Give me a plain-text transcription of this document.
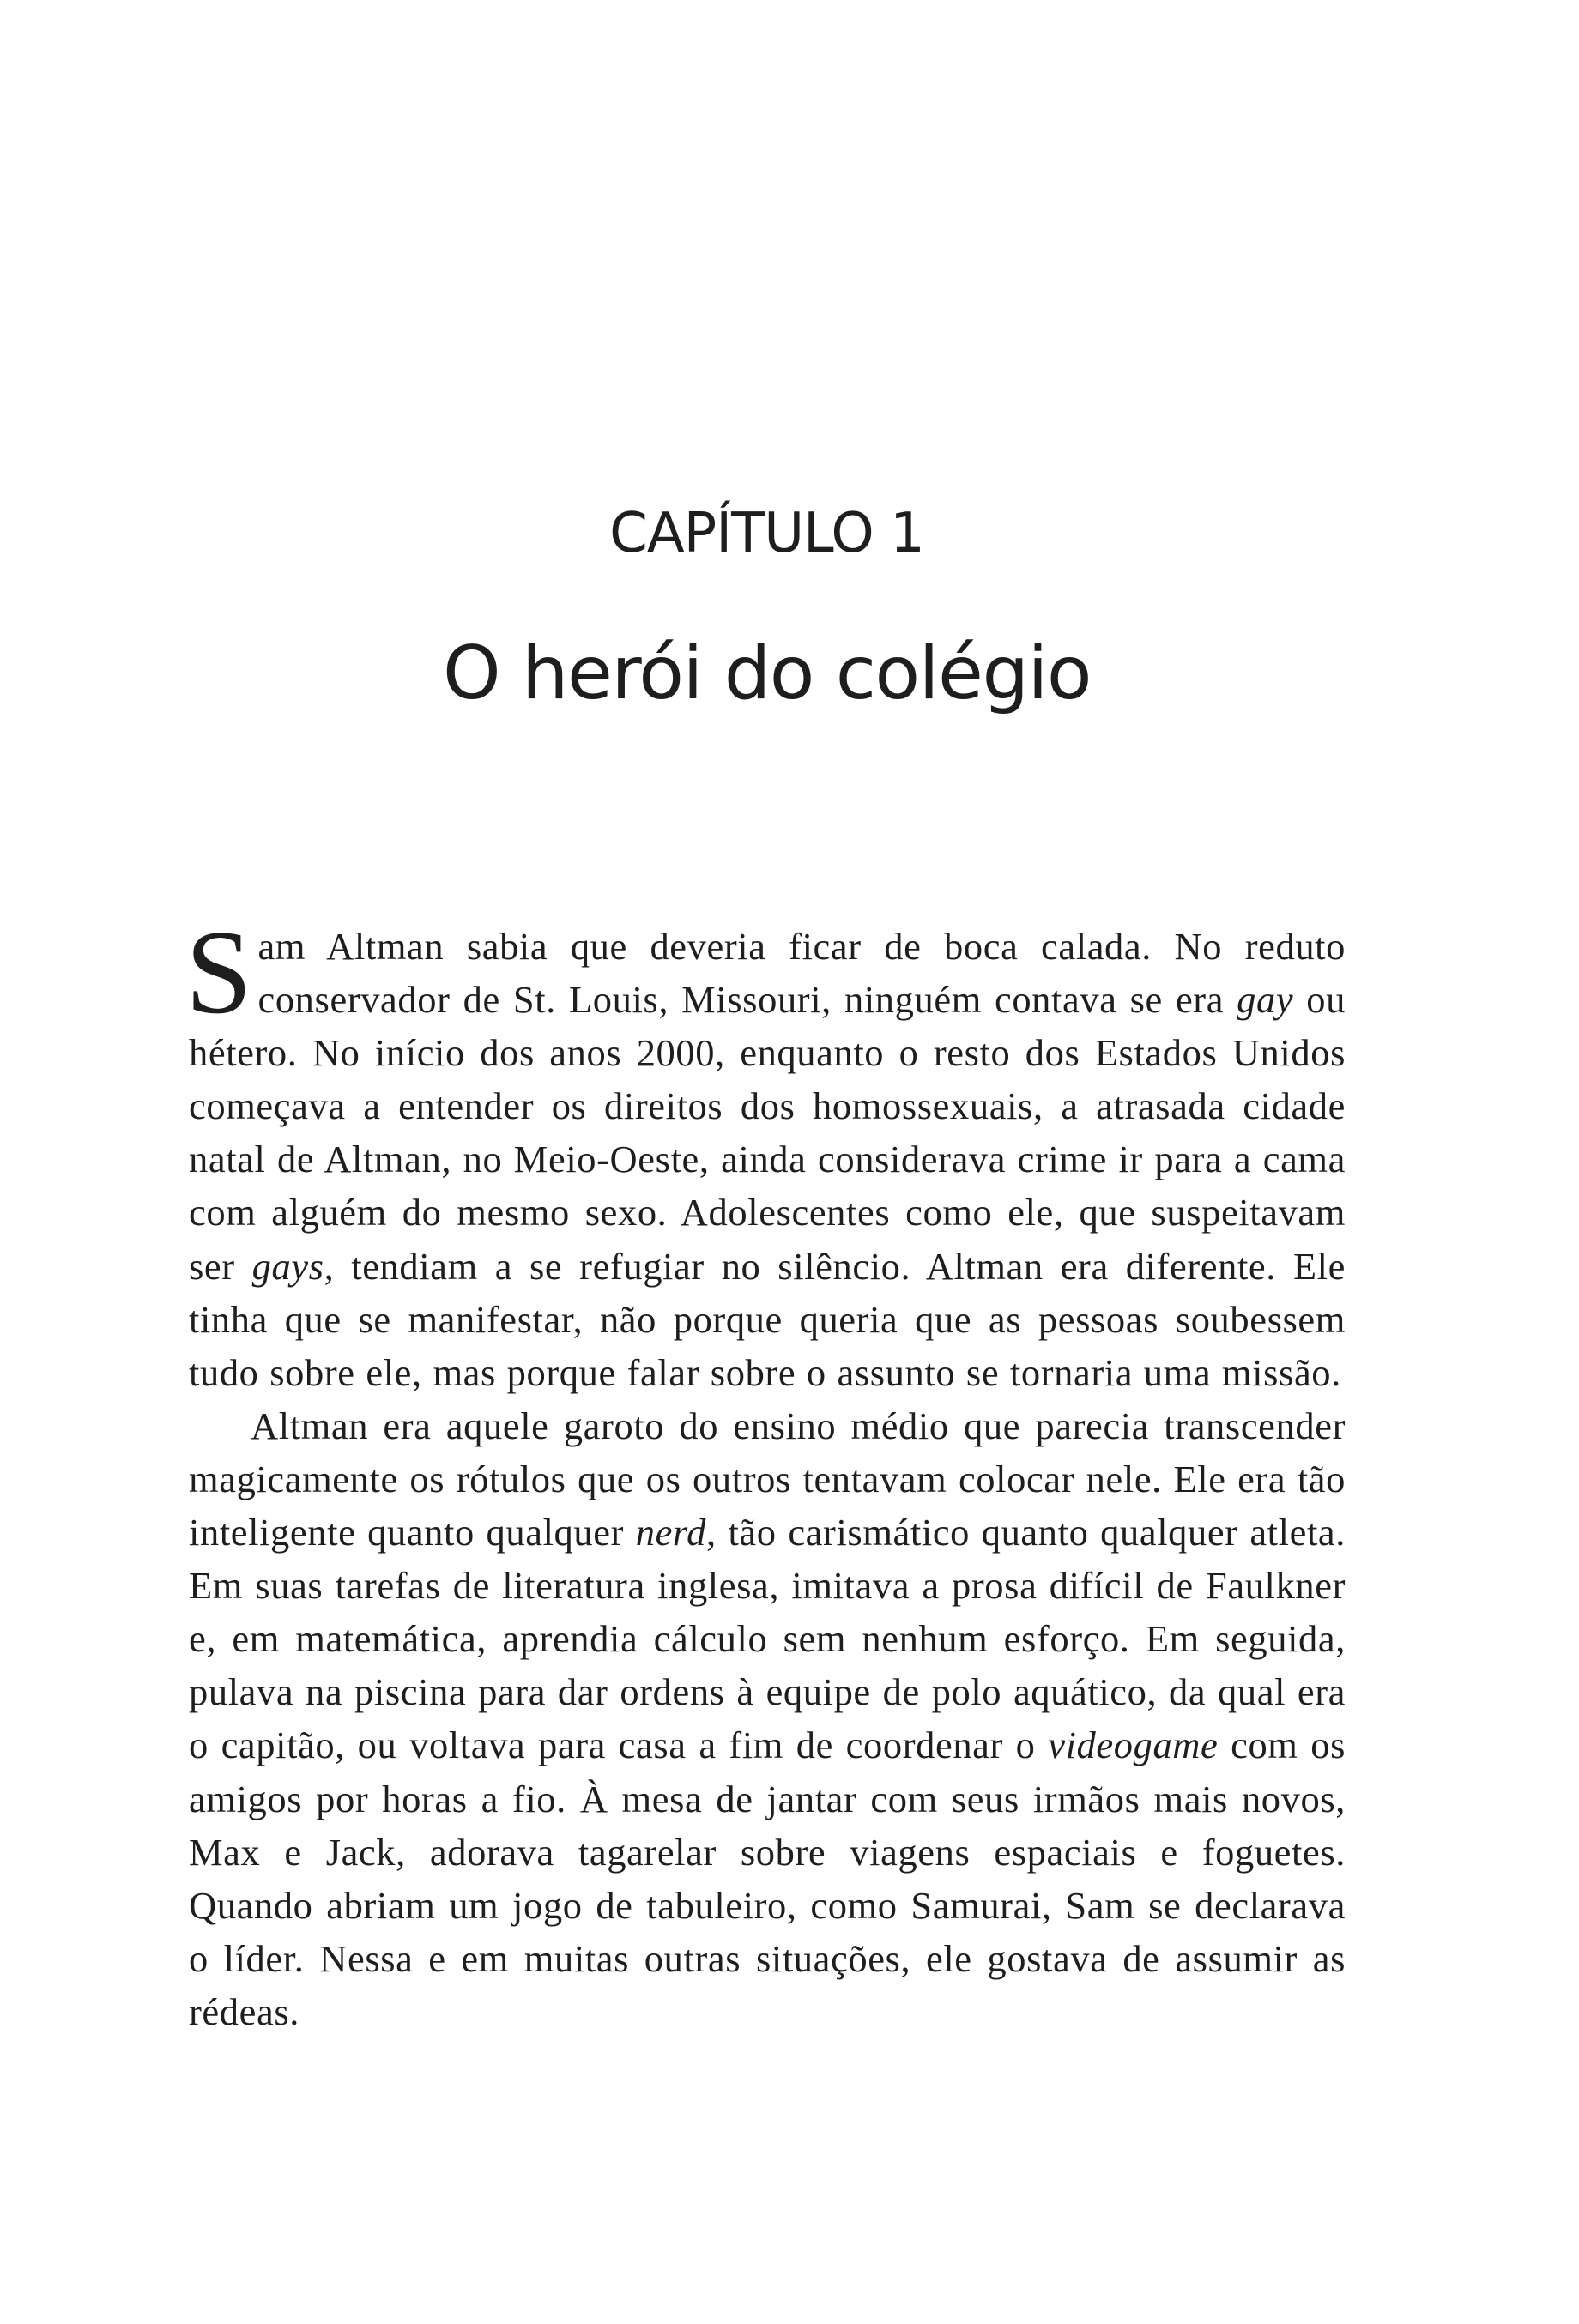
CAPÍTULO 1
O herói do colégio

Sam Altman sabia que deveria ficar de boca calada. No reduto conservador de St. Louis, Missouri, ninguém contava se era gay ou hétero. No início dos anos 2000, enquanto o resto dos Estados Unidos começava a entender os direitos dos homossexuais, a atrasada cidade natal de Altman, no Meio-Oeste, ainda considerava crime ir para a cama com alguém do mesmo sexo. Adolescentes como ele, que suspeitavam ser gays, tendiam a se refugiar no silêncio. Altman era diferente. Ele tinha que se manifestar, não porque queria que as pessoas soubessem tudo sobre ele, mas porque falar sobre o assunto se tornaria uma missão.

Altman era aquele garoto do ensino médio que parecia transcender magicamente os rótulos que os outros tentavam colocar nele. Ele era tão inteligente quanto qualquer nerd, tão carismático quanto qualquer atleta. Em suas tarefas de literatura inglesa, imitava a prosa difícil de Faulkner e, em matemática, aprendia cálculo sem nenhum esforço. Em seguida, pulava na piscina para dar ordens à equipe de polo aquático, da qual era o capitão, ou voltava para casa a fim de coordenar o videogame com os amigos por horas a fio. À mesa de jantar com seus irmãos mais novos, Max e Jack, adorava tagarelar sobre viagens espaciais e foguetes. Quando abriam um jogo de tabuleiro, como Samurai, Sam se declarava o líder. Nessa e em muitas outras situações, ele gostava de assumir as rédeas.
